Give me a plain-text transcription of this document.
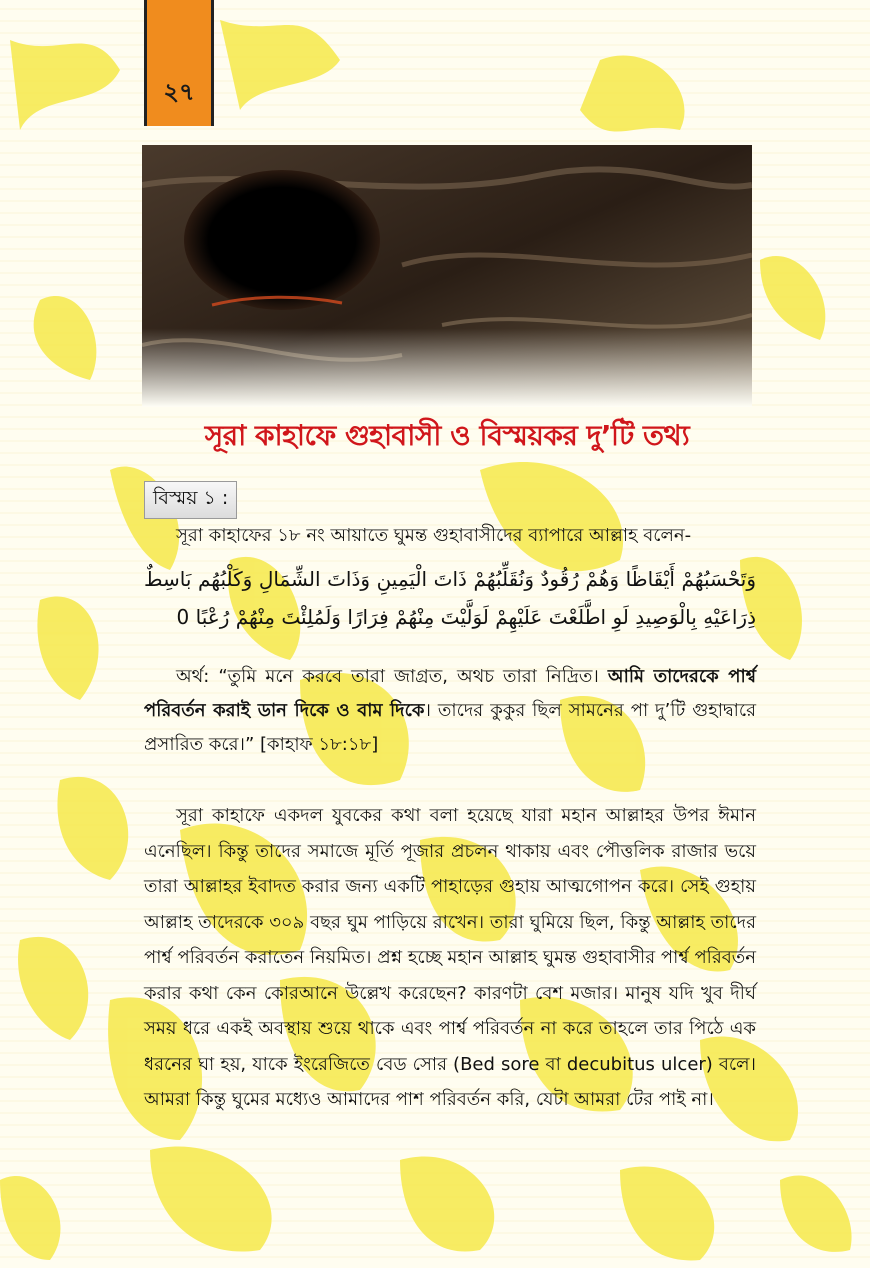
২৭
সূরা কাহাফে গুহাবাসী ও বিস্ময়কর দু’টি তথ্য
বিস্ময় ১ :
সূরা কাহাফের ১৮ নং আয়াতে ঘুমন্ত গুহাবাসীদের ব্যাপারে আল্লাহ বলেন-
وَتَحْسَبُهُمْ أَيْقَاظًا وَهُمْ رُقُودٌ وَنُقَلِّبُهُمْ ذَاتَ الْيَمِينِ وَذَاتَ الشِّمَالِ وَكَلْبُهُم بَاسِطٌ ذِرَاعَيْهِ بِالْوَصِيدِ لَوِ اطَّلَعْتَ عَلَيْهِمْ لَوَلَّيْتَ مِنْهُمْ فِرَارًا وَلَمُلِئْتَ مِنْهُمْ رُعْبًا 0
অর্থ: “তুমি মনে করবে তারা জাগ্রত, অথচ তারা নিদ্রিত। আমি তাদেরকে পার্শ্ব পরিবর্তন করাই ডান দিকে ও বাম দিকে। তাদের কুকুর ছিল সামনের পা দু’টি গুহাদ্বারে প্রসারিত করে।” [কাহাফ ১৮:১৮]
সূরা কাহাফে একদল যুবকের কথা বলা হয়েছে যারা মহান আল্লাহর উপর ঈমান এনেছিল। কিন্তু তাদের সমাজে মূর্তি পূজার প্রচলন থাকায় এবং পৌত্তলিক রাজার ভয়ে তারা আল্লাহর ইবাদত করার জন্য একটি পাহাড়ের গুহায় আত্মগোপন করে। সেই গুহায় আল্লাহ তাদেরকে ৩০৯ বছর ঘুম পাড়িয়ে রাখেন। তারা ঘুমিয়ে ছিল, কিন্তু আল্লাহ তাদের পার্শ্ব পরিবর্তন করাতেন নিয়মিত। প্রশ্ন হচ্ছে মহান আল্লাহ ঘুমন্ত গুহাবাসীর পার্শ্ব পরিবর্তন করার কথা কেন কোরআনে উল্লেখ করেছেন? কারণটা বেশ মজার। মানুষ যদি খুব দীর্ঘ সময় ধরে একই অবস্থায় শুয়ে থাকে এবং পার্শ্ব পরিবর্তন না করে তাহলে তার পিঠে এক ধরনের ঘা হয়, যাকে ইংরেজিতে বেড সোর (Bed sore বা decubitus ulcer) বলে। আমরা কিন্তু ঘুমের মধ্যেও আমাদের পাশ পরিবর্তন করি, যেটা আমরা টের পাই না।
